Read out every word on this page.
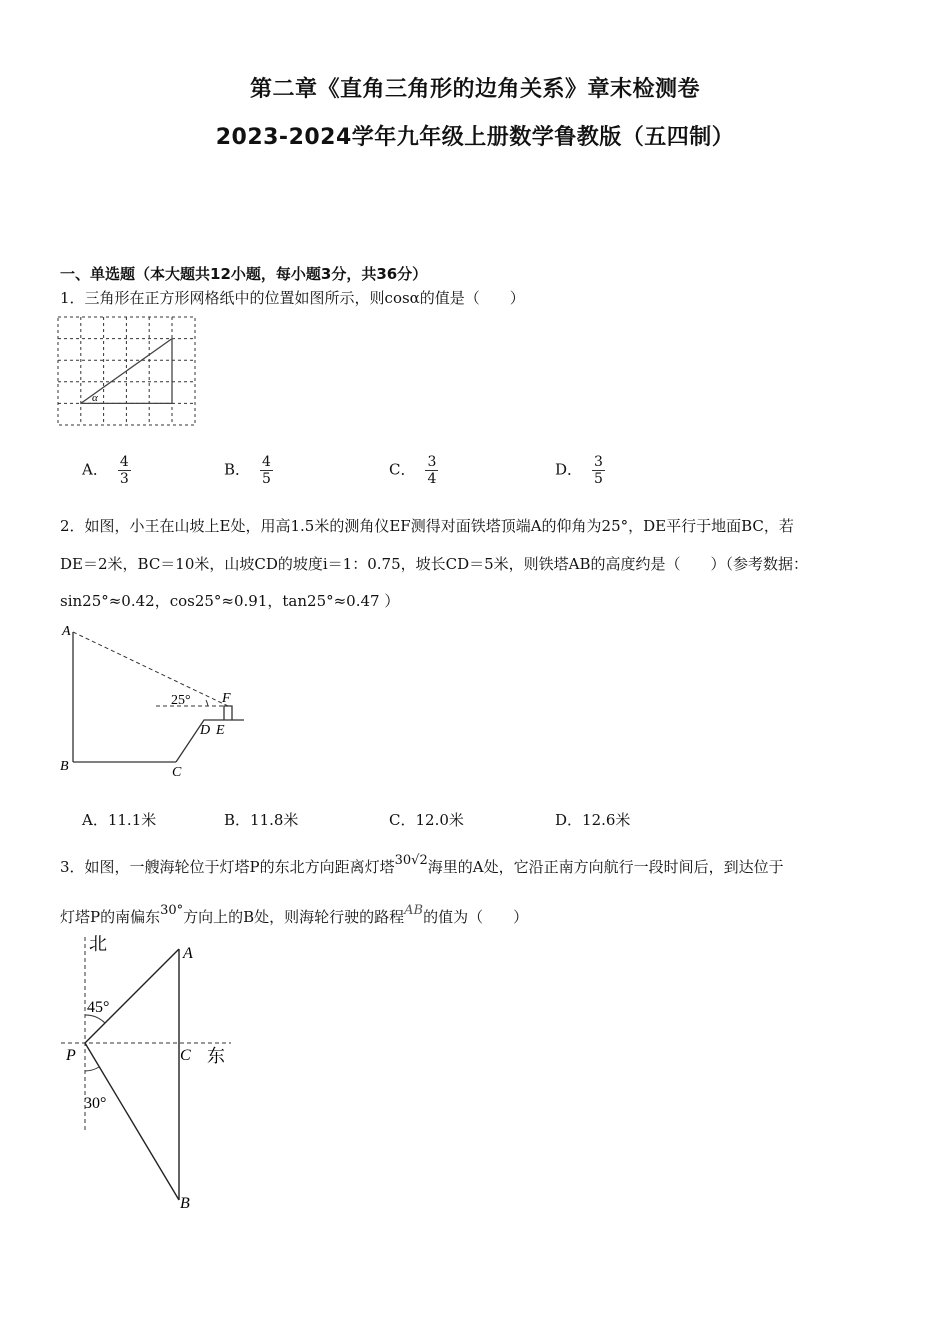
第二章《直角三角形的边角关系》章末检测卷
2023-2024学年九年级上册数学鲁教版（五四制）
一、单选题（本大题共12小题，每小题3分，共36分）
1．三角形在正方形网格纸中的位置如图所示，则cosα的值是（　　）
α
A． $\frac{4}{3}$	B． $\frac{4}{5}$	C． $\frac{3}{4}$	D． $\frac{3}{5}$
2．如图，小王在山坡上E处，用高1.5米的测角仪EF测得对面铁塔顶端A的仰角为25°，DE平行于地面BC，若
DE＝2米，BC＝10米，山坡CD的坡度i＝1：0.75，坡长CD＝5米，则铁塔AB的高度约是（　　）（参考数据：
sin25°≈0.42，cos25°≈0.91，tan25°≈0.47 ）
A
B	C
D E
F
25°
A．11.1米	B．11.8米	C．12.0米	D．12.6米
3．如图，一艘海轮位于灯塔P的东北方向距离灯塔30√2海里的A处，它沿正南方向航行一段时间后，到达位于
灯塔P的南偏东30°方向上的B处，则海轮行驶的路程AB的值为（　　）
北
东
A
P	C
B
45°
30°
